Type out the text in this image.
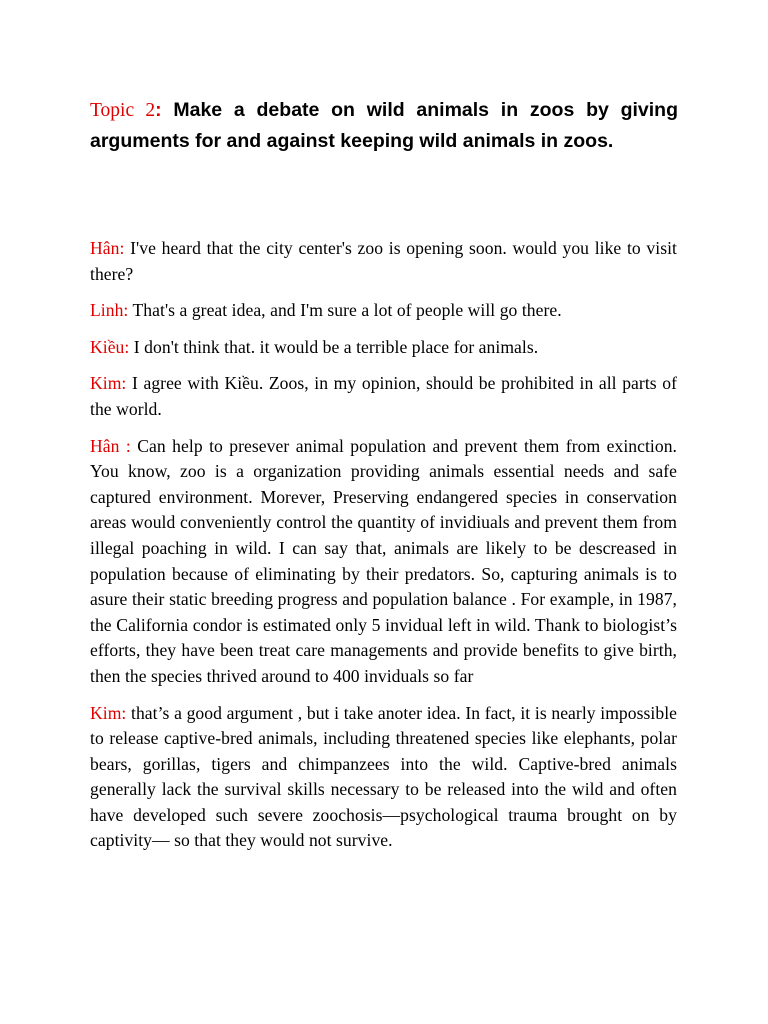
Topic 2: Make a debate on wild animals in zoos by giving arguments for and against keeping wild animals in zoos.

Hân: I've heard that the city center's zoo is opening soon. would you like to visit there?

Linh: That's a great idea, and I'm sure a lot of people will go there.

Kiều: I don't think that. it would be a terrible place for animals.

Kim: I agree with Kiều. Zoos, in my opinion, should be prohibited in all parts of the world.

Hân : Can help to presever animal population and prevent them from exinction. You know, zoo is a organization providing animals essential needs and safe captured environment. Morever, Preserving endangered species in conservation areas would conveniently control the quantity of invidiuals and prevent them from illegal poaching in wild. I can say that, animals are likely to be descreased in population because of eliminating by their predators. So, capturing animals is to asure their static breeding progress and population balance . For example, in 1987, the California condor is estimated only 5 invidual left in wild. Thank to biologist’s efforts, they have been treat care managements and provide benefits to give birth, then the species thrived around to 400 inviduals so far

Kim: that’s a good argument , but i take anoter idea. In fact, it is nearly impossible to release captive-bred animals, including threatened species like elephants, polar bears, gorillas, tigers and chimpanzees into the wild. Captive-bred animals generally lack the survival skills necessary to be released into the wild and often have developed such severe zoochosis—psychological trauma brought on by captivity— so that they would not survive.
